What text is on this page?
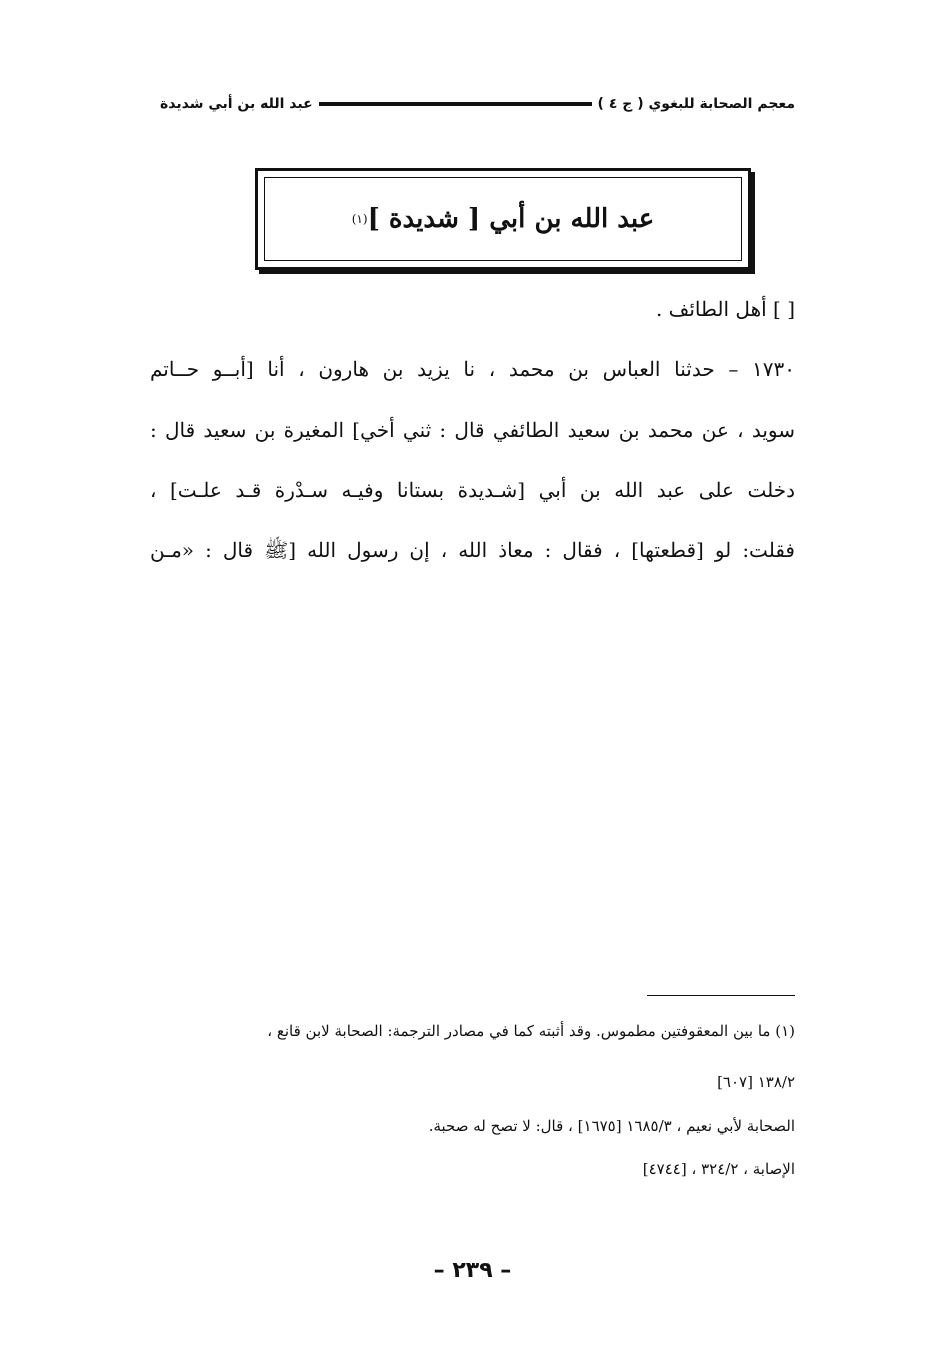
معجم الصحابة للبغوي ( ج ٤ )
عبد الله بن أبي شديدة
عبد الله بن أبي [ شديدة ]
(١)
[ ] أهل الطائف .
١٧٣٠ – حدثنا العباس بن محمد ، نا يزيد بن هارون ، أنا [أبــو حــاتم
سويد ، عن محمد بن سعيد الطائفي قال : ثني أخي] المغيرة بن سعيد قال :
دخلت على عبد الله بن أبي [شـديدة بستانا وفيـه سـدْرة قـد علـت] ،
فقلت: لو [قطعتها] ، فقال : معاذ الله ، إن رسول الله [ﷺ قال : «مـن
(١) ما بين المعقوفتين مطموس. وقد أثبته كما في مصادر الترجمة: الصحابة لابن قانع ،
١٣٨/٢ [٦٠٧]
الصحابة لأبي نعيم ، ١٦٨٥/٣ [١٦٧٥] ، قال: لا تصح له صحبة.
الإصابة ، ٣٢٤/٢ ، [٤٧٤٤]
– ٢٣٩ –
